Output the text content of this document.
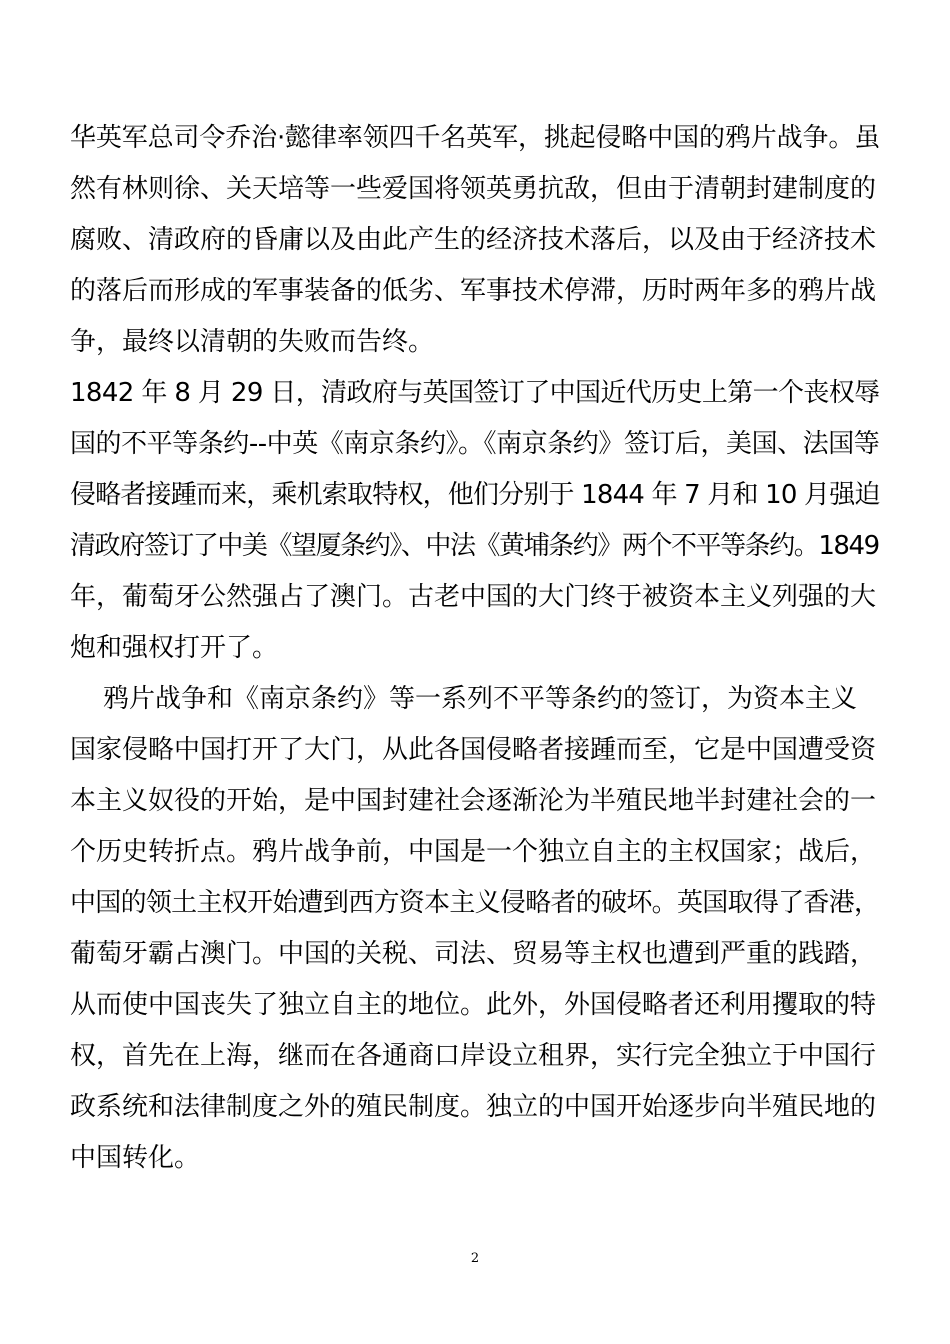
华英军总司令乔治·懿律率领四千名英军，挑起侵略中国的鸦片战争。虽
然有林则徐、关天培等一些爱国将领英勇抗敌，但由于清朝封建制度的
腐败、清政府的昏庸以及由此产生的经济技术落后，以及由于经济技术
的落后而形成的军事装备的低劣、军事技术停滞，历时两年多的鸦片战
争，最终以清朝的失败而告终。
1842 年 8 月 29 日，清政府与英国签订了中国近代历史上第一个丧权辱
国的不平等条约--中英《南京条约》。《南京条约》签订后，美国、法国等
侵略者接踵而来，乘机索取特权，他们分别于 1844 年 7 月和 10 月强迫
清政府签订了中美《望厦条约》、中法《黄埔条约》两个不平等条约。1849
年，葡萄牙公然强占了澳门。古老中国的大门终于被资本主义列强的大
炮和强权打开了。
鸦片战争和《南京条约》等一系列不平等条约的签订，为资本主义
国家侵略中国打开了大门，从此各国侵略者接踵而至，它是中国遭受资
本主义奴役的开始，是中国封建社会逐渐沦为半殖民地半封建社会的一
个历史转折点。鸦片战争前，中国是一个独立自主的主权国家；战后，
中国的领土主权开始遭到西方资本主义侵略者的破坏。英国取得了香港，
葡萄牙霸占澳门。中国的关税、司法、贸易等主权也遭到严重的践踏，
从而使中国丧失了独立自主的地位。此外，外国侵略者还利用攫取的特
权，首先在上海，继而在各通商口岸设立租界，实行完全独立于中国行
政系统和法律制度之外的殖民制度。独立的中国开始逐步向半殖民地的
中国转化。
2
